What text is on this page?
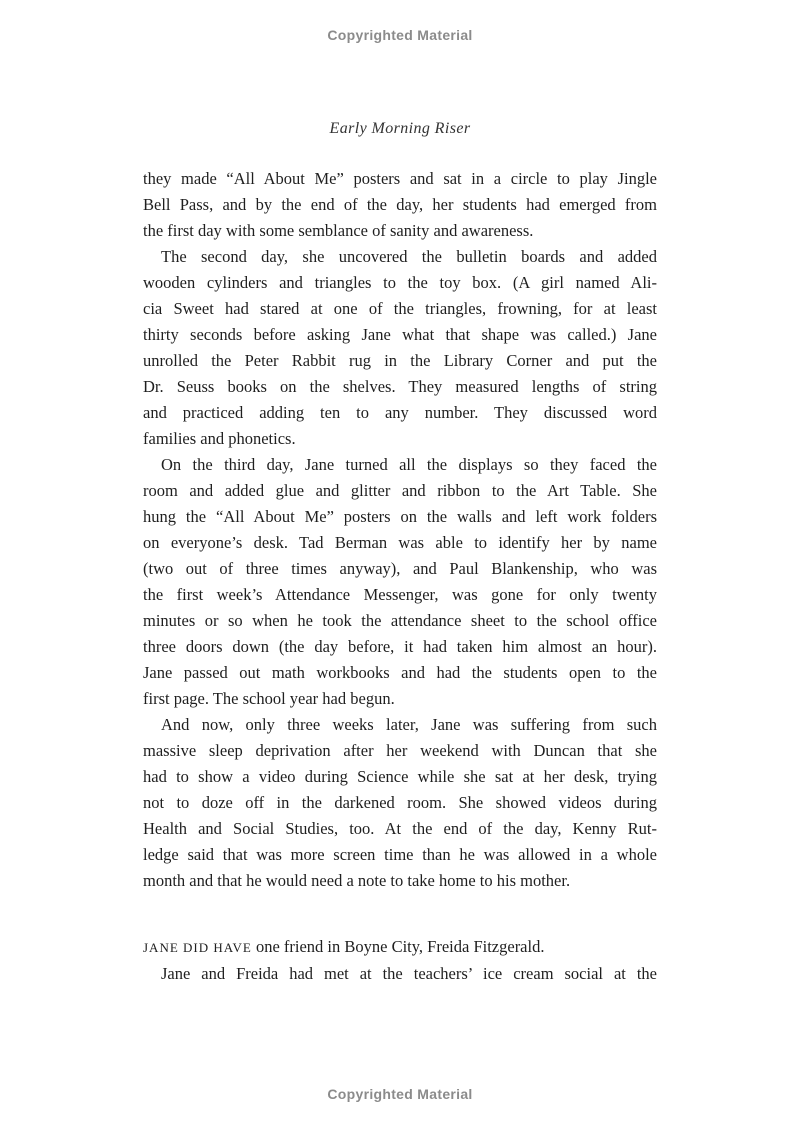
Copyrighted Material
Early Morning Riser
they made “All About Me” posters and sat in a circle to play Jingle
Bell Pass, and by the end of the day, her students had emerged from
the first day with some semblance of sanity and awareness.
The second day, she uncovered the bulletin boards and added
wooden cylinders and triangles to the toy box. (A girl named Ali-
cia Sweet had stared at one of the triangles, frowning, for at least
thirty seconds before asking Jane what that shape was called.) Jane
unrolled the Peter Rabbit rug in the Library Corner and put the
Dr. Seuss books on the shelves. They measured lengths of string
and practiced adding ten to any number. They discussed word
families and phonetics.
On the third day, Jane turned all the displays so they faced the
room and added glue and glitter and ribbon to the Art Table. She
hung the “All About Me” posters on the walls and left work folders
on everyone’s desk. Tad Berman was able to identify her by name
(two out of three times anyway), and Paul Blankenship, who was
the first week’s Attendance Messenger, was gone for only twenty
minutes or so when he took the attendance sheet to the school office
three doors down (the day before, it had taken him almost an hour).
Jane passed out math workbooks and had the students open to the
first page. The school year had begun.
And now, only three weeks later, Jane was suffering from such
massive sleep deprivation after her weekend with Duncan that she
had to show a video during Science while she sat at her desk, trying
not to doze off in the darkened room. She showed videos during
Health and Social Studies, too. At the end of the day, Kenny Rut-
ledge said that was more screen time than he was allowed in a whole
month and that he would need a note to take home to his mother.
JANE DID HAVE one friend in Boyne City, Freida Fitzgerald.
Jane and Freida had met at the teachers’ ice cream social at the
Copyrighted Material
